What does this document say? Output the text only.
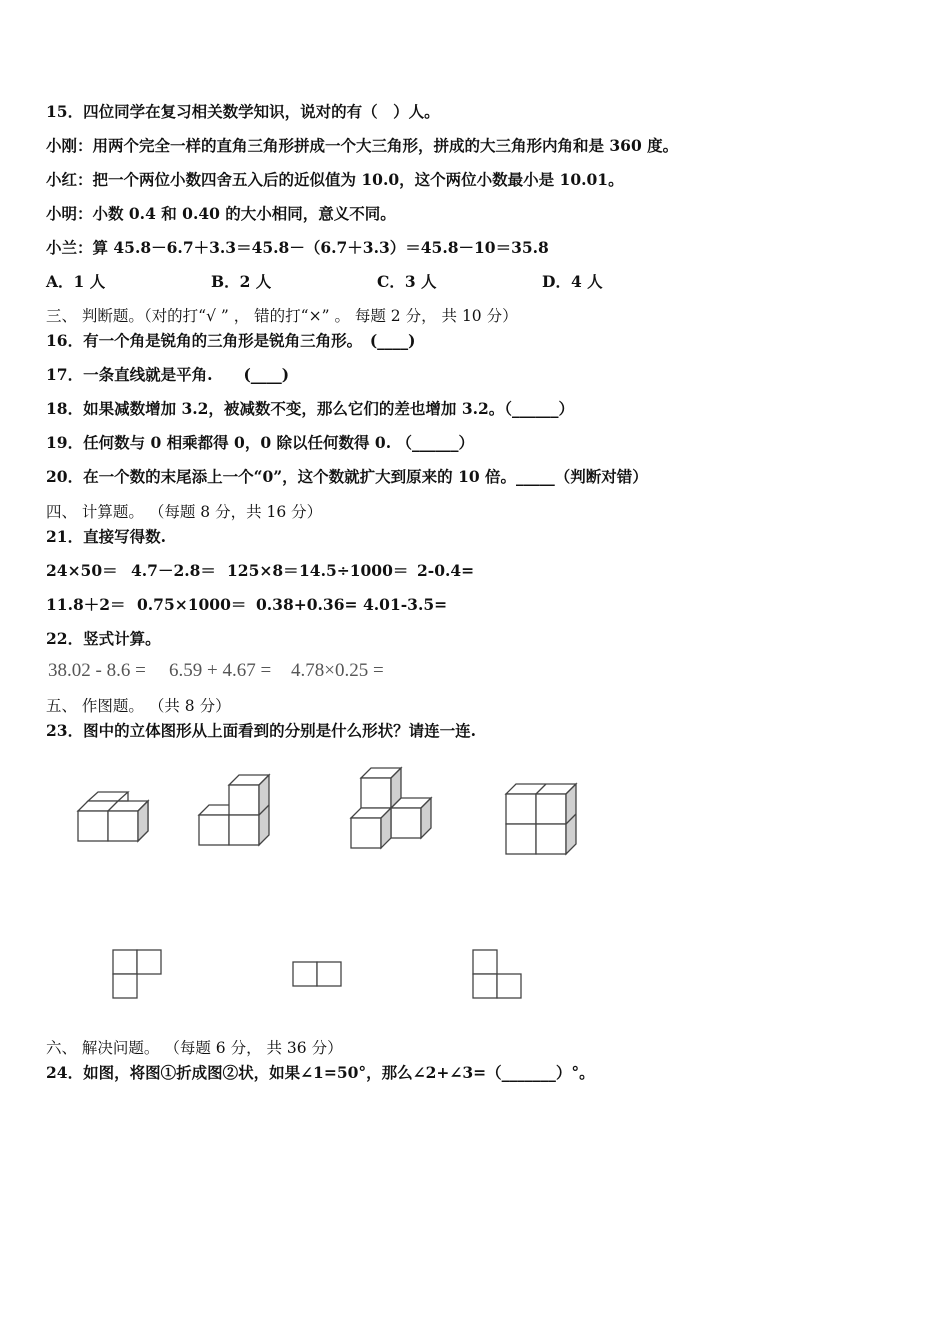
15．四位同学在复习相关数学知识，说对的有（　）人。
小刚：用两个完全一样的直角三角形拼成一个大三角形，拼成的大三角形内角和是 360 度。
小红：把一个两位小数四舍五入后的近似值为 10.0，这个两位小数最小是 10.01。
小明：小数 0.4 和 0.40 的大小相同，意义不同。
小兰：算 45.8－6.7＋3.3＝45.8－（6.7＋3.3）＝45.8－10＝35.8
A．1 人	B．2 人	C．3 人	D．4 人
三、 判断题。（对的打“√ ” ， 错的打“×” 。 每题 2 分， 共 10 分）
16．有一个角是锐角的三角形是锐角三角形。　(____)
17．一条直线就是平角.　　(____)
18．如果减数增加 3.2，被减数不变，那么它们的差也增加 3.2。（______）
19．任何数与 0 相乘都得 0，0 除以任何数得 0. （______）
20．在一个数的末尾添上一个“0”，这个数就扩大到原来的 10 倍。_____（判断对错）
四、 计算题。 （每题 8 分，共 16 分）
21．直接写得数.
24×50＝ 4.7－2.8＝ 125×8＝ 14.5÷1000＝ 2-0.4=
11.8＋2＝ 0.75×1000＝ 0.38+0.36= 4.01-3.5=
22．竖式计算。
38.02 - 8.6 = 6.59 + 4.67 = 4.78×0.25 =
五、 作图题。 （共 8 分）
23．图中的立体图形从上面看到的分别是什么形状？请连一连.
六、 解决问题。 （每题 6 分， 共 36 分）
24．如图，将图①折成图②状，如果∠1=50°，那么∠2+∠3=（_______）°。
